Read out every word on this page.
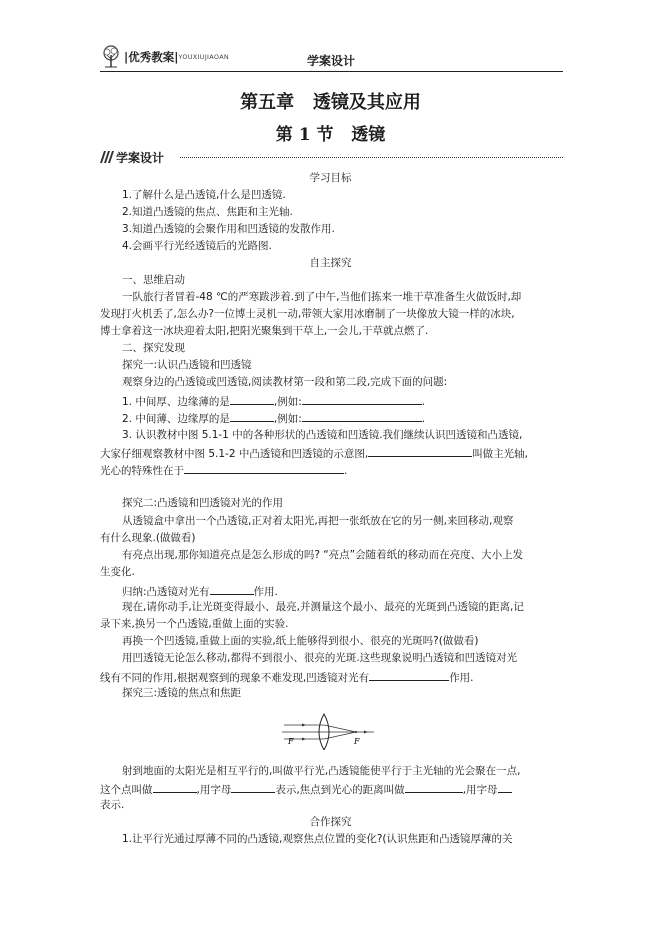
|优秀教案| YOUXIUJIAOAN	学案设计
第五章   透镜及其应用
第 1 节   透镜
学案设计
学习目标
1.了解什么是凸透镜,什么是凹透镜.
2.知道凸透镜的焦点、焦距和主光轴.
3.知道凸透镜的会聚作用和凹透镜的发散作用.
4.会画平行光经透镜后的光路图.
自主探究
一、思维启动
一队旅行者冒着-48 ℃的严寒跋涉着.到了中午,当他们拣来一堆干草准备生火做饭时,却
发现打火机丢了,怎么办?一位博士灵机一动,带领大家用冰磨制了一块像放大镜一样的冰块,
博士拿着这一冰块迎着太阳,把阳光聚集到干草上,一会儿,干草就点燃了.
二、探究发现
探究一:认识凸透镜和凹透镜
观察身边的凸透镜或凹透镜,阅读教材第一段和第二段,完成下面的问题:
1. 中间厚、边缘薄的是	,例如:	.
2. 中间薄、边缘厚的是	,例如:	.
3. 认识教材中图 5.1-1 中的各种形状的凸透镜和凹透镜.我们继续认识凹透镜和凸透镜,
大家仔细观察教材中图 5.1-2 中凸透镜和凹透镜的示意图,	叫做主光轴,
光心的特殊性在于	.
探究二:凸透镜和凹透镜对光的作用
从透镜盒中拿出一个凸透镜,正对着太阳光,再把一张纸放在它的另一侧,来回移动,观察
有什么现象.(做做看)
有亮点出现,那你知道亮点是怎么形成的吗? “亮点”会随着纸的移动而在亮度、大小上发
生变化.
归纳:凸透镜对光有	作用.
现在,请你动手,让光斑变得最小、最亮,并测量这个最小、最亮的光斑到凸透镜的距离,记
录下来,换另一个凸透镜,重做上面的实验.
再换一个凹透镜,重做上面的实验,纸上能够得到很小、很亮的光斑吗?(做做看)
用凹透镜无论怎么移动,都得不到很小、很亮的光斑.这些现象说明凸透镜和凹透镜对光
线有不同的作用,根据观察到的现象不难发现,凹透镜对光有	作用.
探究三:透镜的焦点和焦距
F	F
射到地面的太阳光是相互平行的,叫做平行光,凸透镜能使平行于主光轴的光会聚在一点,
这个点叫做	,用字母	表示,焦点到光心的距离叫做	,用字母
表示.
合作探究
1.让平行光通过厚薄不同的凸透镜,观察焦点位置的变化?(认识焦距和凸透镜厚薄的关
